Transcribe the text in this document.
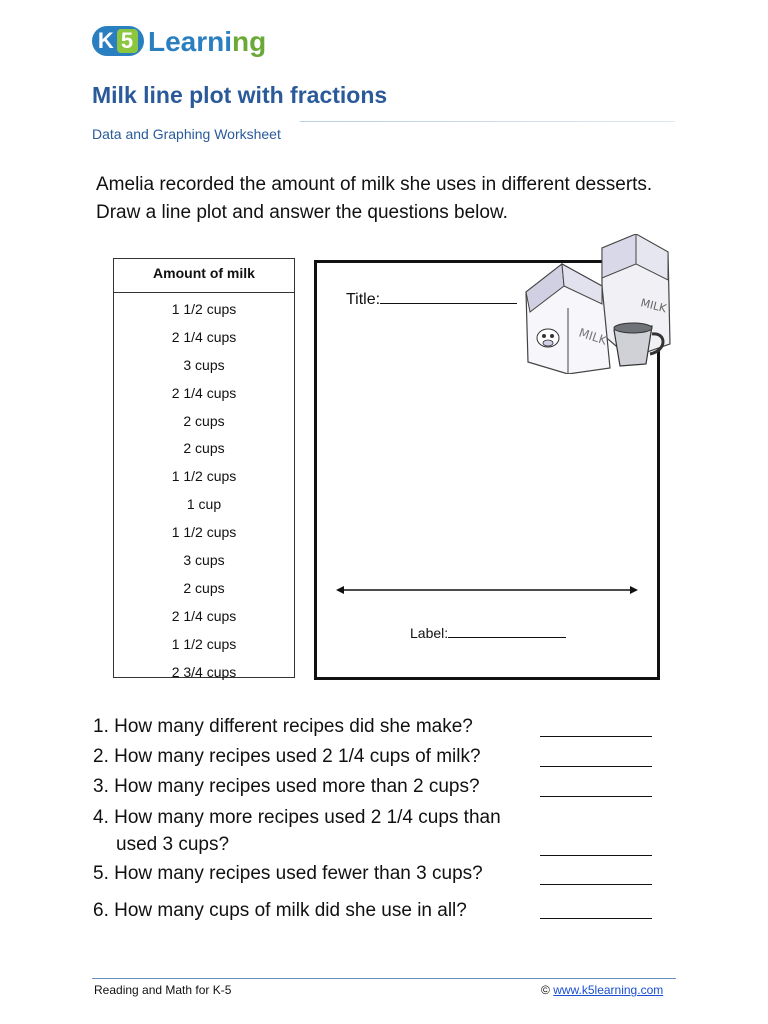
K 5 Learning
Milk line plot with fractions
Data and Graphing Worksheet
Amelia recorded the amount of milk she uses in different desserts. Draw a line plot and answer the questions below.
Amount of milk
1 1/2 cups
2 1/4 cups
3 cups
2 1/4 cups
2 cups
2 cups
1 1/2 cups
1 cup
1 1/2 cups
3 cups
2 cups
2 1/4 cups
1 1/2 cups
2 3/4 cups
Title:
Label:
MILK
MILK
1. How many different recipes did she make?
2. How many recipes used 2 1/4 cups of milk?
3. How many recipes used more than 2 cups?
4. How many more recipes used 2 1/4 cups than
used 3 cups?
5. How many recipes used fewer than 3 cups?
6. How many cups of milk did she use in all?
Reading and Math for K-5	© www.k5learning.com
